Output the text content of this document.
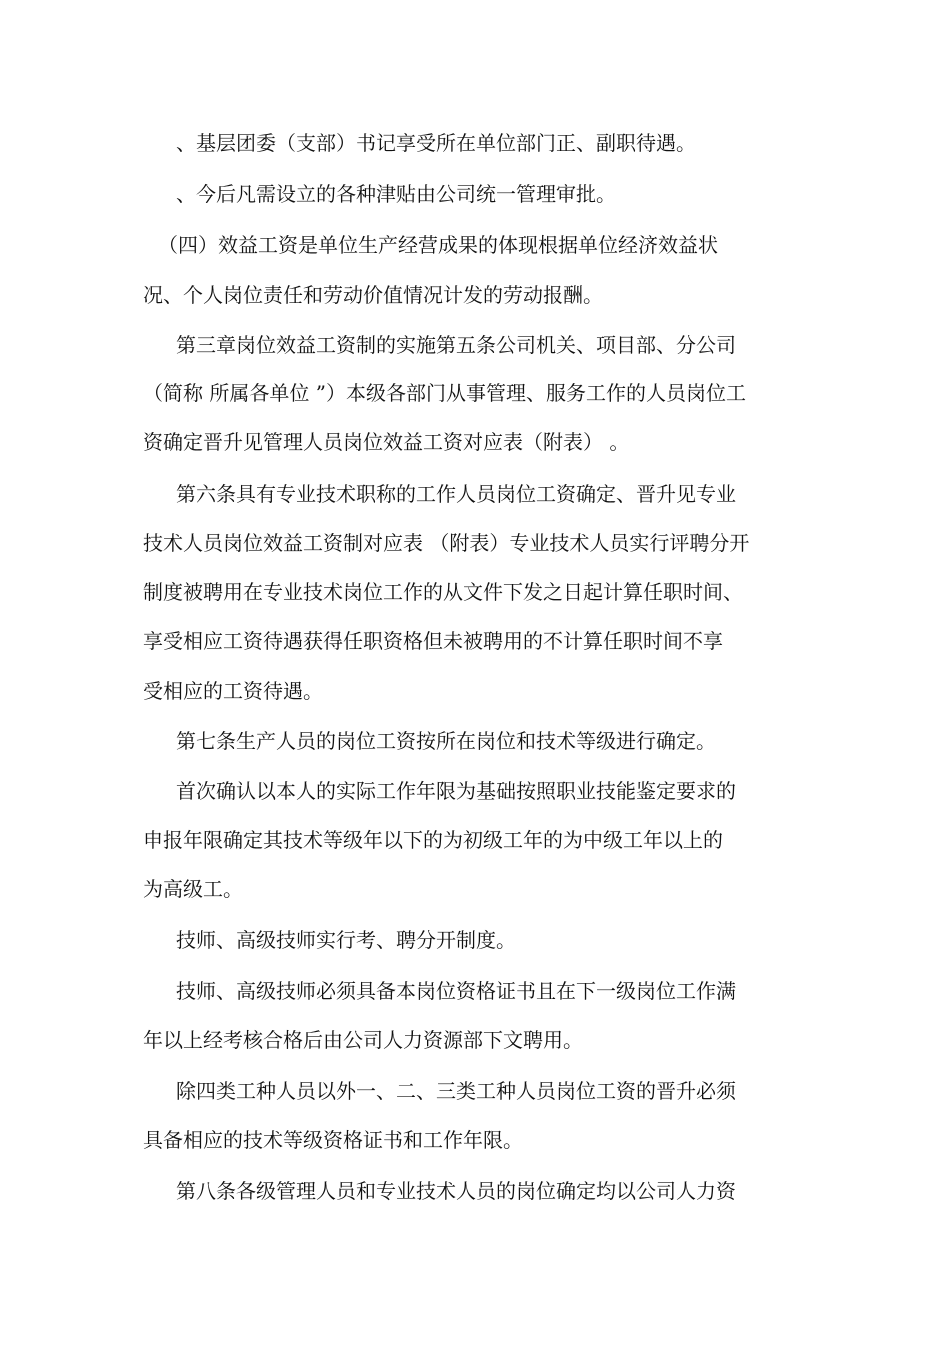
、基层团委（支部）书记享受所在单位部门正、副职待遇。
、今后凡需设立的各种津贴由公司统一管理审批。
（四）效益工资是单位生产经营成果的体现根据单位经济效益状
况、个人岗位责任和劳动价值情况计发的劳动报酬。
第三章岗位效益工资制的实施第五条公司机关、项目部、分公司
（简称 所属各单位 ”）本级各部门从事管理、服务工作的人员岗位工
资确定晋升见管理人员岗位效益工资对应表（附表） 。
第六条具有专业技术职称的工作人员岗位工资确定、晋升见专业
技术人员岗位效益工资制对应表 （附表）专业技术人员实行评聘分开
制度被聘用在专业技术岗位工作的从文件下发之日起计算任职时间、
享受相应工资待遇获得任职资格但未被聘用的不计算任职时间不享
受相应的工资待遇。
第七条生产人员的岗位工资按所在岗位和技术等级进行确定。
首次确认以本人的实际工作年限为基础按照职业技能鉴定要求的
申报年限确定其技术等级年以下的为初级工年的为中级工年以上的
为高级工。
技师、高级技师实行考、聘分开制度。
技师、高级技师必须具备本岗位资格证书且在下一级岗位工作满
年以上经考核合格后由公司人力资源部下文聘用。
除四类工种人员以外一、二、三类工种人员岗位工资的晋升必须
具备相应的技术等级资格证书和工作年限。
第八条各级管理人员和专业技术人员的岗位确定均以公司人力资
